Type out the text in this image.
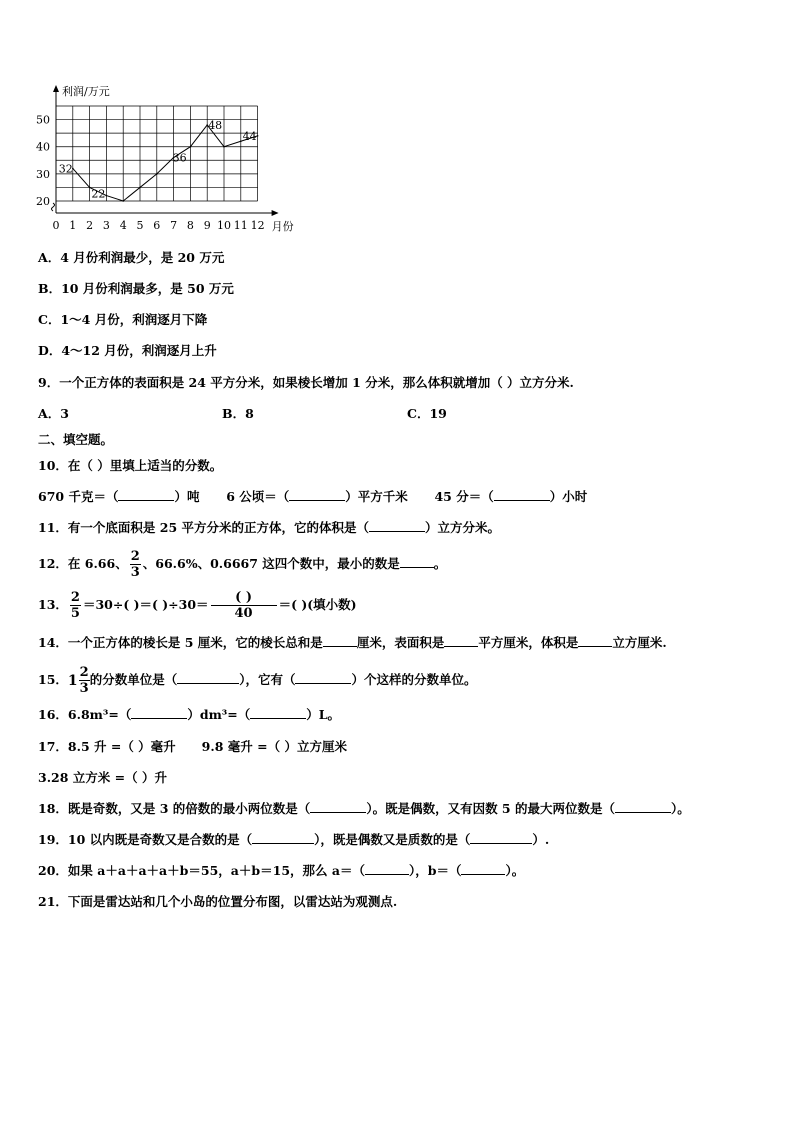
20
30
40
50
0 1 2 3 4 5 6 7 8 9 10 11 12
利润/万元
月份
32
22
36
48
44
A．4 月份利润最少，是 20 万元
B．10 月份利润最多，是 50 万元
C．1～4 月份，利润逐月下降
D．4～12 月份，利润逐月上升
9．一个正方体的表面积是 24 平方分米，如果棱长增加 1 分米，那么体积就增加（ ）立方分米.
A．3	B．8	C．19
二、填空题。
10．在（ ）里填上适当的分数。
670 千克＝（	）吨 6 公顷＝（	）平方千米 45 分＝（	）小时
11．有一个底面积是 25 平方分米的正方体，它的体积是（	）立方分米。
12．在 6.66、 $\frac{2}{3}$ 、66.6%、0.6667 这四个数中，最小的数是	。
13． $\frac{2}{5} =30\div$( )＝( )$\div 30= \frac{( )}{40}$ ＝( )(填小数)
14．一个正方体的棱长是 5 厘米，它的棱长总和是	厘米，表面积是	平方厘米，体积是	立方厘米.
15． $1 \frac{2}{3}$ 的分数单位是（	），它有（	）个这样的分数单位。
16．6.8m³=（	）dm³=（	）L。
17．8.5 升 =（ ）毫升 9.8 毫升 =（ ）立方厘米
3.28 立方米 =（ ）升
18．既是奇数，又是 3 的倍数的最小两位数是（	）。既是偶数，又有因数 5 的最大两位数是（	）。
19．10 以内既是奇数又是合数的是（	），既是偶数又是质数的是（	）.
20．如果 a＋a＋a＋a＋b＝55，a＋b＝15，那么 a＝（	），b＝（	）。
21．下面是雷达站和几个小岛的位置分布图，以雷达站为观测点.
